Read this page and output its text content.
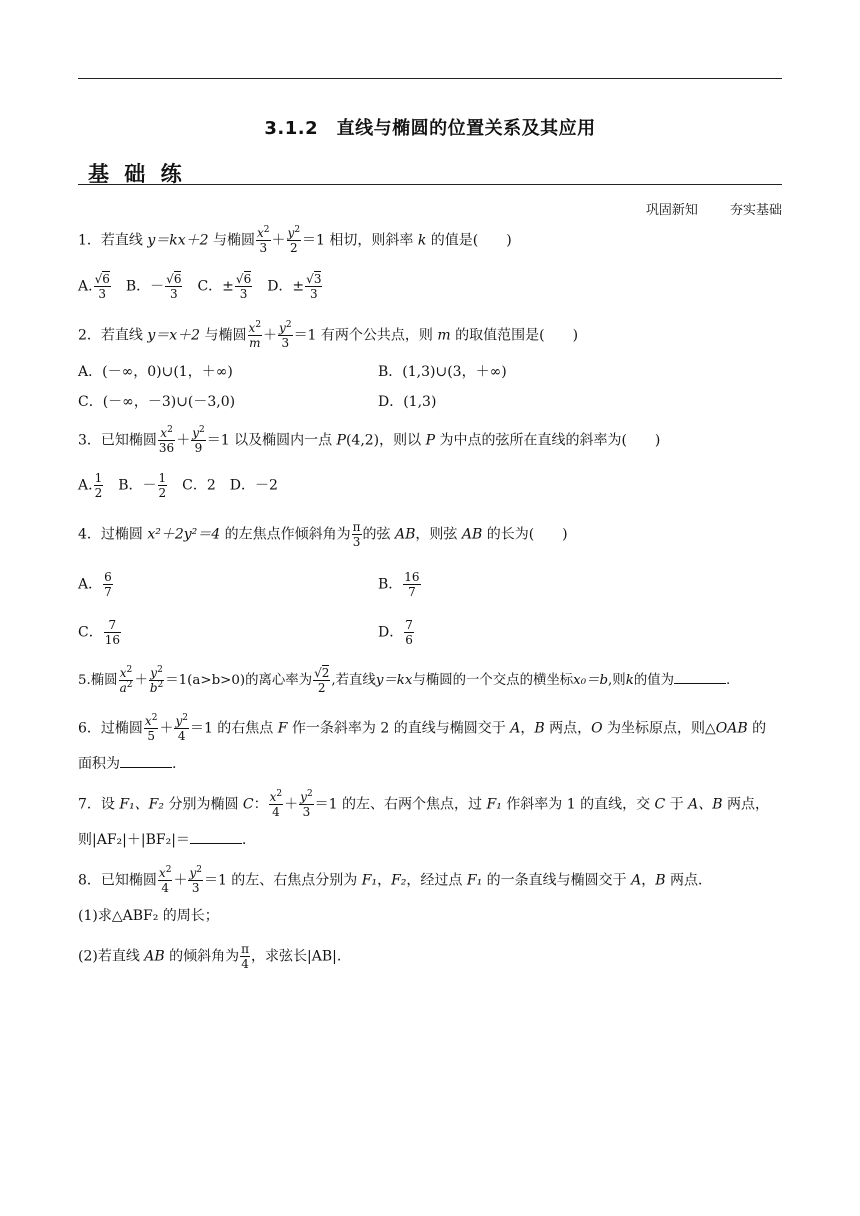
3.1.2　直线与椭圆的位置关系及其应用
基 础 练
巩固新知 夯实基础
1．若直线 y＝kx＋2 与椭圆 $\frac{x^2}{3} + \frac{y^2}{2} =1$ 相切，则斜率 k 的值是(　　)
A. $\frac{√6}{3}$ 　B．－ $\frac{√6}{3}$ 　C．± $\frac{√6}{3}$ 　D．± $\frac{√3}{3}$
2．若直线 y＝x＋2 与椭圆 $\frac{x^2}{m} + \frac{y^2}{3} =1$ 有两个公共点，则 m 的取值范围是(　　)
A．(－∞，0)∪(1，＋∞)	B．(1,3)∪(3，＋∞)
C．(－∞，－3)∪(－3,0)	D．(1,3)
3．已知椭圆 $\frac{x^2}{36} + \frac{y^2}{9} =1$ 以及椭圆内一点 P(4,2)，则以 P 为中点的弦所在直线的斜率为(　　)
A. $\frac{1}{2}$ 　B．－ $\frac{1}{2}$
　 C．2　 D．－2
4．过椭圆 x²＋2y²＝4 的左焦点作倾斜角为 $\frac{\pi}{3}$ 的弦 AB，则弦 AB 的长为(　　)
A． $\frac{6}{7}$	B． $\frac{16}{7}$
C． $\frac{7}{16}$	D． $\frac{7}{6}$
5.椭圆 $\frac{x^2}{a^2} + \frac{y^2}{b^2} =1(a>b>0)$的离心率为 $\frac{√2}{2}$ ,若直线y＝kx与椭圆的一个交点的横坐标x₀＝b,则k的值为	.
6．过椭圆 $\frac{x^2}{5} + \frac{y^2}{4} =1$ 的右焦点 F 作一条斜率为 2 的直线与椭圆交于 A，B 两点，O 为坐标原点，则△OAB 的
面积为	.
7．设 F₁、F₂ 分别为椭圆 C： $\frac{x^2}{4} + \frac{y^2}{3} =1$ 的左、右两个焦点，过 F₁ 作斜率为 1 的直线，交 C 于 A、B 两点，
则|AF₂|＋|BF₂|＝	.
8．已知椭圆 $\frac{x^2}{4} + \frac{y^2}{3} =1$ 的左、右焦点分别为 F₁，F₂，经过点 F₁ 的一条直线与椭圆交于 A，B 两点．
(1)求△ABF₂ 的周长；
(2)若直线 AB 的倾斜角为 $\frac{\pi}{4}$ ，求弦长|AB|.
